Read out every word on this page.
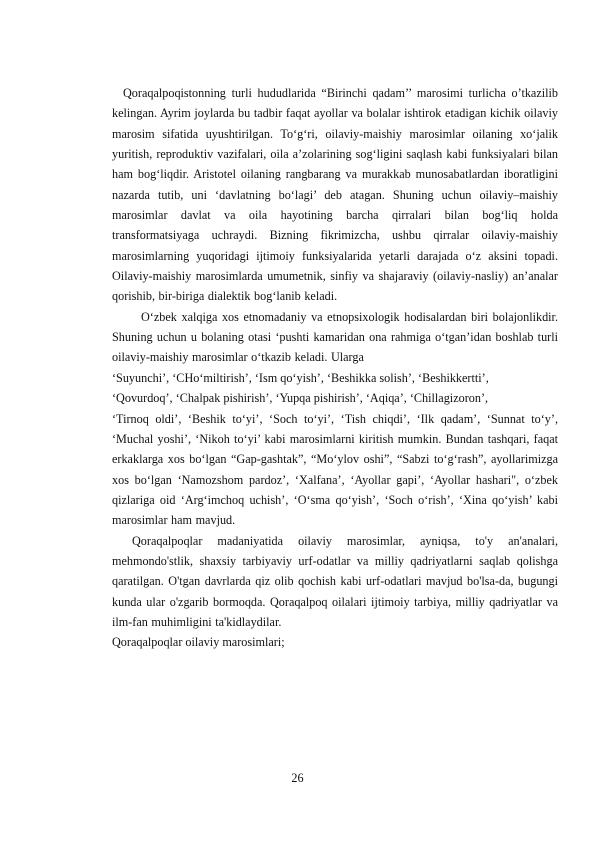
Qoraqalpoqistonning turli hududlarida “Birinchi qadam’’ marosimi turlicha o’tkazilib kelingan. Ayrim joylarda bu tadbir faqat ayollar va bolalar ishtirok etadigan kichik oilaviy marosim sifatida uyushtirilgan. To‘g‘ri, oilaviy-maishiy marosimlar oilaning xo‘jalik yuritish, reproduktiv vazifalari, oila a’zolarining sog‘ligini saqlash kabi funksiyalari bilan ham bog‘liqdir. Aristotel oilaning rangbarang va murakkab munosabatlardan iboratligini nazarda tutib, uni ‘davlatning bo‘lagi’ deb atagan. Shuning uchun oilaviy–maishiy marosimlar davlat va oila hayotining barcha qirralari bilan bog‘liq holda transformatsiyaga uchraydi. Bizning fikrimizcha, ushbu qirralar oilaviy-maishiy marosimlarning yuqoridagi ijtimoiy funksiyalarida yetarli darajada o‘z aksini topadi. Oilaviy-maishiy marosimlarda umumetnik, sinfiy va shajaraviy (oilaviy-nasliy) an’analar qorishib, bir-biriga dialektik bog‘lanib keladi.

O‘zbek xalqiga xos etnomadaniy va etnopsixologik hodisalardan biri bolajonlikdir. Shuning uchun u bolaning otasi ‘pushti kamaridan ona rahmiga o‘tgan’idan boshlab turli oilaviy-maishiy marosimlar o‘tkazib keladi. Ularga

‘Suyunchi’, ‘CHo‘miltirish’, ‘Ism qo‘yish’, ‘Beshikka solish’, ‘Beshikkertti’,

‘Qovurdoq’, ‘Chalpak pishirish’, ‘Yupqa pishirish’, ‘Aqiqa’, ‘Chillagizoron’,

‘Tirnoq oldi’, ‘Beshik to‘yi’, ‘Soch to‘yi’, ‘Tish chiqdi’, ‘Ilk qadam’, ‘Sunnat to‘y’, ‘Muchal yoshi’, ‘Nikoh to‘yi’ kabi marosimlarni kiritish mumkin. Bundan tashqari, faqat erkaklarga xos bo‘lgan “Gap-gashtak”, “Mo‘ylov oshi”, “Sabzi to‘g‘rash”, ayollarimizga xos bo‘lgan ‘Namozshom pardoz’, ‘Xalfana’, ‘Ayollar gapi’, ‘Ayollar hashari", o‘zbek qizlariga oid ‘Arg‘imchoq uchish’, ‘O‘sma qo‘yish’, ‘Soch o‘rish’, ‘Xina qo‘yish’ kabi marosimlar ham mavjud.

Qoraqalpoqlar madaniyatida oilaviy marosimlar, ayniqsa, to'y an'analari, mehmondo'stlik, shaxsiy tarbiyaviy urf-odatlar va milliy qadriyatlarni saqlab qolishga qaratilgan. O'tgan davrlarda qiz olib qochish kabi urf-odatlari mavjud bo'lsa-da, bugungi kunda ular o'zgarib bormoqda. Qoraqalpoq oilalari ijtimoiy tarbiya, milliy qadriyatlar va ilm-fan muhimligini ta'kidlaydilar.

Qoraqalpoqlar oilaviy marosimlari;

26
